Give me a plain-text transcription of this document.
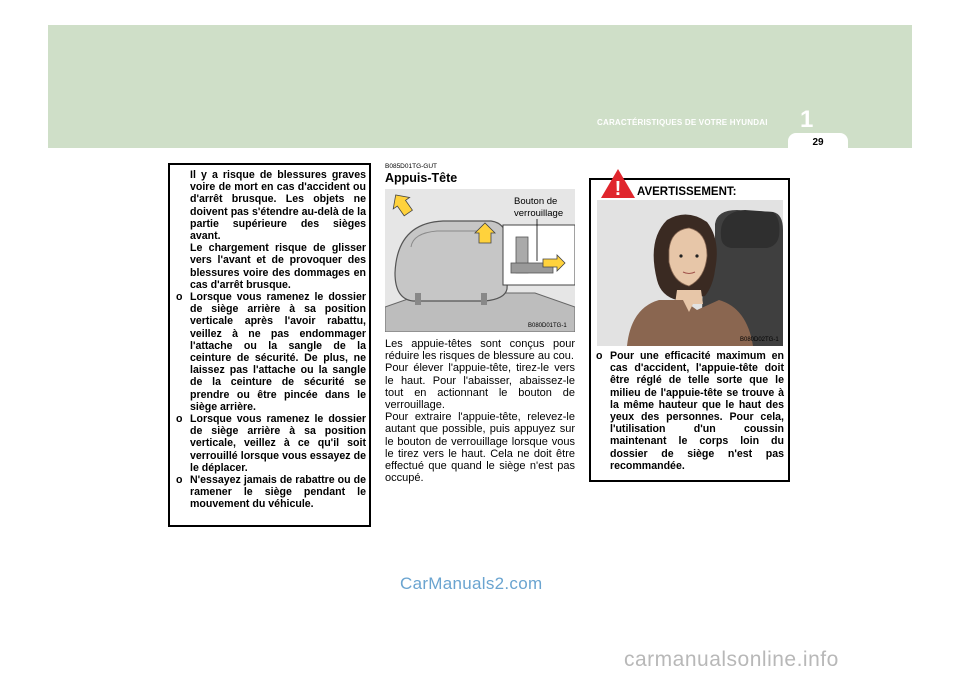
29
1
CARACTÉRISTIQUES DE VOTRE HYUNDAI
Il y a risque de blessures graves voire de mort en cas d'accident ou d'arrêt brusque. Les objets ne doivent pas s'étendre au-delà de la partie supérieure des sièges avant.
Le chargement risque de glisser vers l'avant et de provoquer des blessures voire des dommages en cas d'arrêt brusque.
o Lorsque vous ramenez le dossier de siège arrière à sa position verticale après l'avoir rabattu, veillez à ne pas endommager l'attache ou la sangle de la ceinture de sécurité. De plus, ne laissez pas l'attache ou la sangle de la ceinture de sécurité se prendre ou être pincée dans le siège arrière.
o Lorsque vous ramenez le dossier de siège arrière à sa position verticale, veillez à ce qu'il soit verrouillé lorsque vous essayez de le déplacer.
o N'essayez jamais de rabattre ou de ramener le siège pendant le mouvement du véhicule.
B085D01TG-GUT
Appuis-Tête
Bouton de verrouillage
B080D01TG-1

Les appuie-têtes sont conçus pour réduire les risques de blessure au cou.

Pour élever l'appuie-tête, tirez-le vers le haut. Pour l'abaisser, abaissez-le tout en actionnant le bouton de verrouillage.

Pour extraire l'appuie-tête, relevez-le autant que possible, puis appuyez sur le bouton de verrouillage lorsque vous le tirez vers le haut. Cela ne doit être effectué que quand le siège n'est pas occupé.

! AVERTISSEMENT:
B080D02TG-1
o Pour une efficacité maximum en cas d'accident, l'appuie-tête doit être réglé de telle sorte que le milieu de l'appuie-tête se trouve à la même hauteur que le haut des yeux des personnes. Pour cela, l'utilisation d'un coussin maintenant le corps loin du dossier de siège n'est pas recommandée.
CarManuals2.com
carmanualsonline.info
